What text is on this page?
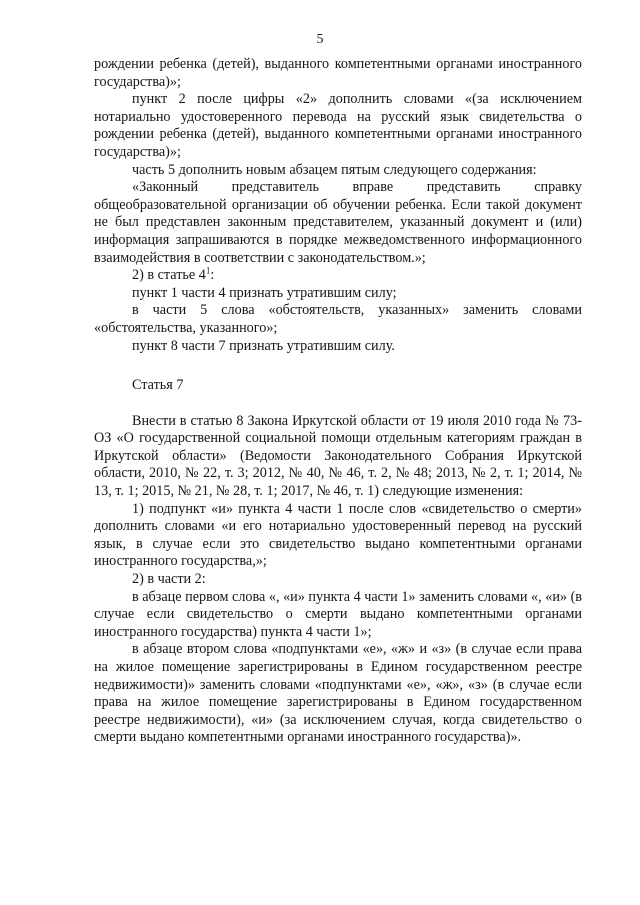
5

рождении ребенка (детей), выданного компетентными органами иностранного государства)»;

пункт 2 после цифры «2» дополнить словами «(за исключением нотариально удостоверенного перевода на русский язык свидетельства о рождении ребенка (детей), выданного компетентными органами иностранного государства)»;

часть 5 дополнить новым абзацем пятым следующего содержания:

«Законный представитель вправе представить справку общеобразовательной организации об обучении ребенка. Если такой документ не был представлен законным представителем, указанный документ и (или) информация запрашиваются в порядке межведомственного информационного взаимодействия в соответствии с законодательством.»;

2) в статье $4^1$:

пункт 1 части 4 признать утратившим силу;

в части 5 слова «обстоятельств, указанных» заменить словами «обстоятельства, указанного»;

пункт 8 части 7 признать утратившим силу.

Статья 7

Внести в статью 8 Закона Иркутской области от 19 июля 2010 года № 73-ОЗ «О государственной социальной помощи отдельным категориям граждан в Иркутской области» (Ведомости Законодательного Собрания Иркутской области, 2010, № 22, т. 3; 2012, № 40, № 46, т. 2, № 48; 2013, № 2, т. 1; 2014, № 13, т. 1; 2015, № 21, № 28, т. 1; 2017, № 46, т. 1) следующие изменения:

1) подпункт «и» пункта 4 части 1 после слов «свидетельство о смерти» дополнить словами «и его нотариально удостоверенный перевод на русский язык, в случае если это свидетельство выдано компетентными органами иностранного государства,»;

2) в части 2:

в абзаце первом слова «, «и» пункта 4 части 1» заменить словами «, «и» (в случае если свидетельство о смерти выдано компетентными органами иностранного государства) пункта 4 части 1»;

в абзаце втором слова «подпунктами «е», «ж» и «з» (в случае если права на жилое помещение зарегистрированы в Едином государственном реестре недвижимости)» заменить словами «подпунктами «е», «ж», «з» (в случае если права на жилое помещение зарегистрированы в Едином государственном реестре недвижимости), «и» (за исключением случая, когда свидетельство о смерти выдано компетентными органами иностранного государства)».
